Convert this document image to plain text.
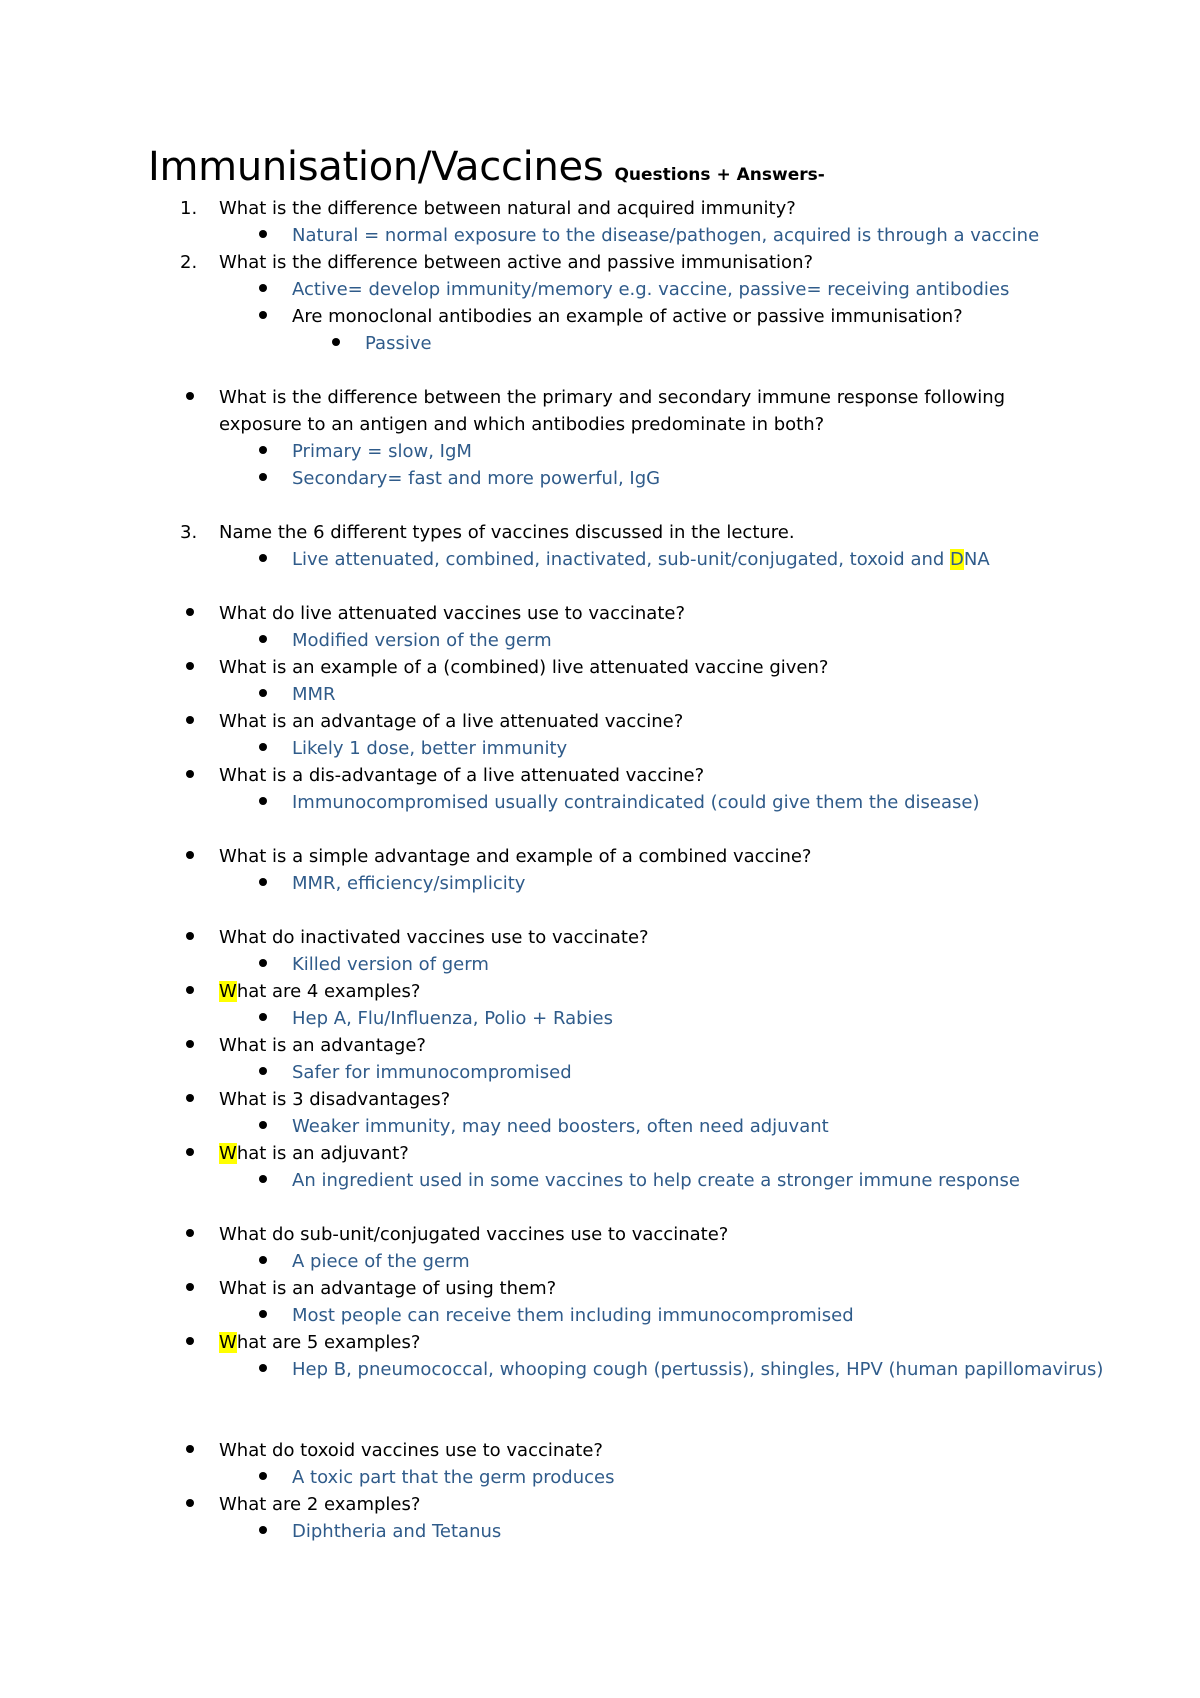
Immunisation/Vaccines Questions + Answers-
1. What is the difference between natural and acquired immunity?
Natural = normal exposure to the disease/pathogen, acquired is through a vaccine
2. What is the difference between active and passive immunisation?
Active= develop immunity/memory e.g. vaccine, passive= receiving antibodies
Are monoclonal antibodies an example of active or passive immunisation?
Passive
What is the difference between the primary and secondary immune response following exposure to an antigen and which antibodies predominate in both?
Primary = slow, IgM
Secondary= fast and more powerful, IgG
3. Name the 6 different types of vaccines discussed in the lecture.
Live attenuated, combined, inactivated, sub-unit/conjugated, toxoid and DNA
What do live attenuated vaccines use to vaccinate?
Modified version of the germ
What is an example of a (combined) live attenuated vaccine given?
MMR
What is an advantage of a live attenuated vaccine?
Likely 1 dose, better immunity
What is a dis-advantage of a live attenuated vaccine?
Immunocompromised usually contraindicated (could give them the disease)
What is a simple advantage and example of a combined vaccine?
MMR, efficiency/simplicity
What do inactivated vaccines use to vaccinate?
Killed version of germ
What are 4 examples?
Hep A, Flu/Influenza, Polio + Rabies
What is an advantage?
Safer for immunocompromised
What is 3 disadvantages?
Weaker immunity, may need boosters, often need adjuvant
What is an adjuvant?
An ingredient used in some vaccines to help create a stronger immune response
What do sub-unit/conjugated vaccines use to vaccinate?
A piece of the germ
What is an advantage of using them?
Most people can receive them including immunocompromised
What are 5 examples?
Hep B, pneumococcal, whooping cough (pertussis), shingles, HPV (human papillomavirus)
What do toxoid vaccines use to vaccinate?
A toxic part that the germ produces
What are 2 examples?
Diphtheria and Tetanus
